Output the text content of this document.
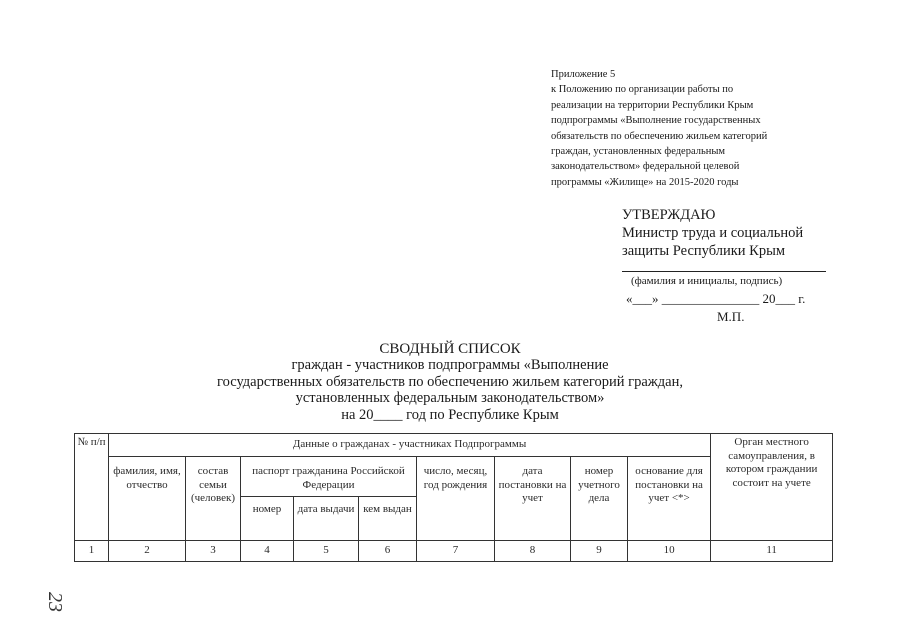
Приложение 5
к Положению по организации работы по
реализации на территории Республики Крым
подпрограммы «Выполнение государственных
обязательств по обеспечению жильем категорий
граждан, установленных федеральным
законодательством» федеральной целевой
программы «Жилище» на 2015-2020 годы
УТВЕРЖДАЮ
Министр труда и социальной
защиты Республики Крым
(фамилия и инициалы, подпись)
«___» _______________ 20___ г.
М.П.
СВОДНЫЙ СПИСОК
граждан - участников подпрограммы «Выполнение
государственных обязательств по обеспечению жильем категорий граждан,
установленных федеральным законодательством»
на 20____ год по Республике Крым
№ п/п	Данные о гражданах - участниках Подпрограммы									Орган местного самоуправления, в котором граждании состоит на учете
	фамилия, имя, отчество	состав семьи (человек)	паспорт гражданина Российской Федерации			число, месяц, год рождения	дата постановки на учет	номер учетного дела	основание для постановки на учет <*>	
			номер	дата выдачи	кем выдан					
1	2	3	4	5	6	7	8	9	10	11
23
